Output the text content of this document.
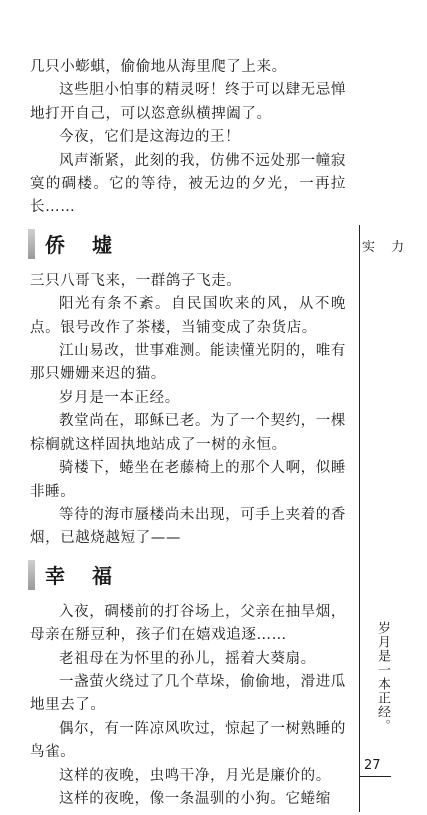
几只小蟛蜞，偷偷地从海里爬了上来。

这些胆小怕事的精灵呀！终于可以肆无忌惮地打开自己，可以恣意纵横捭阖了。

今夜，它们是这海边的王！

风声渐紧，此刻的我，仿佛不远处那一幢寂寞的碉楼。它的等待，被无边的夕光，一再拉长……

侨 墟

三只八哥飞来，一群鸽子飞走。

阳光有条不紊。自民国吹来的风，从不晚点。银号改作了茶楼，当铺变成了杂货店。

江山易改，世事难测。能读懂光阴的，唯有那只姗姗来迟的猫。

岁月是一本正经。

教堂尚在，耶稣已老。为了一个契约，一棵棕榈就这样固执地站成了一树的永恒。

骑楼下，蜷坐在老藤椅上的那个人啊，似睡非睡。

等待的海市蜃楼尚未出现，可手上夹着的香烟，已越烧越短了——

幸 福

入夜，碉楼前的打谷场上，父亲在抽旱烟，母亲在掰豆种，孩子们在嬉戏追逐……

老祖母在为怀里的孙儿，摇着大葵扇。

一盏萤火绕过了几个草垛，偷偷地，滑进瓜地里去了。

偶尔，有一阵凉风吹过，惊起了一树熟睡的鸟雀。

这样的夜晚，虫鸣干净，月光是廉价的。

这样的夜晚，像一条温驯的小狗。它蜷缩

实 力
岁月是一本正经。
27
